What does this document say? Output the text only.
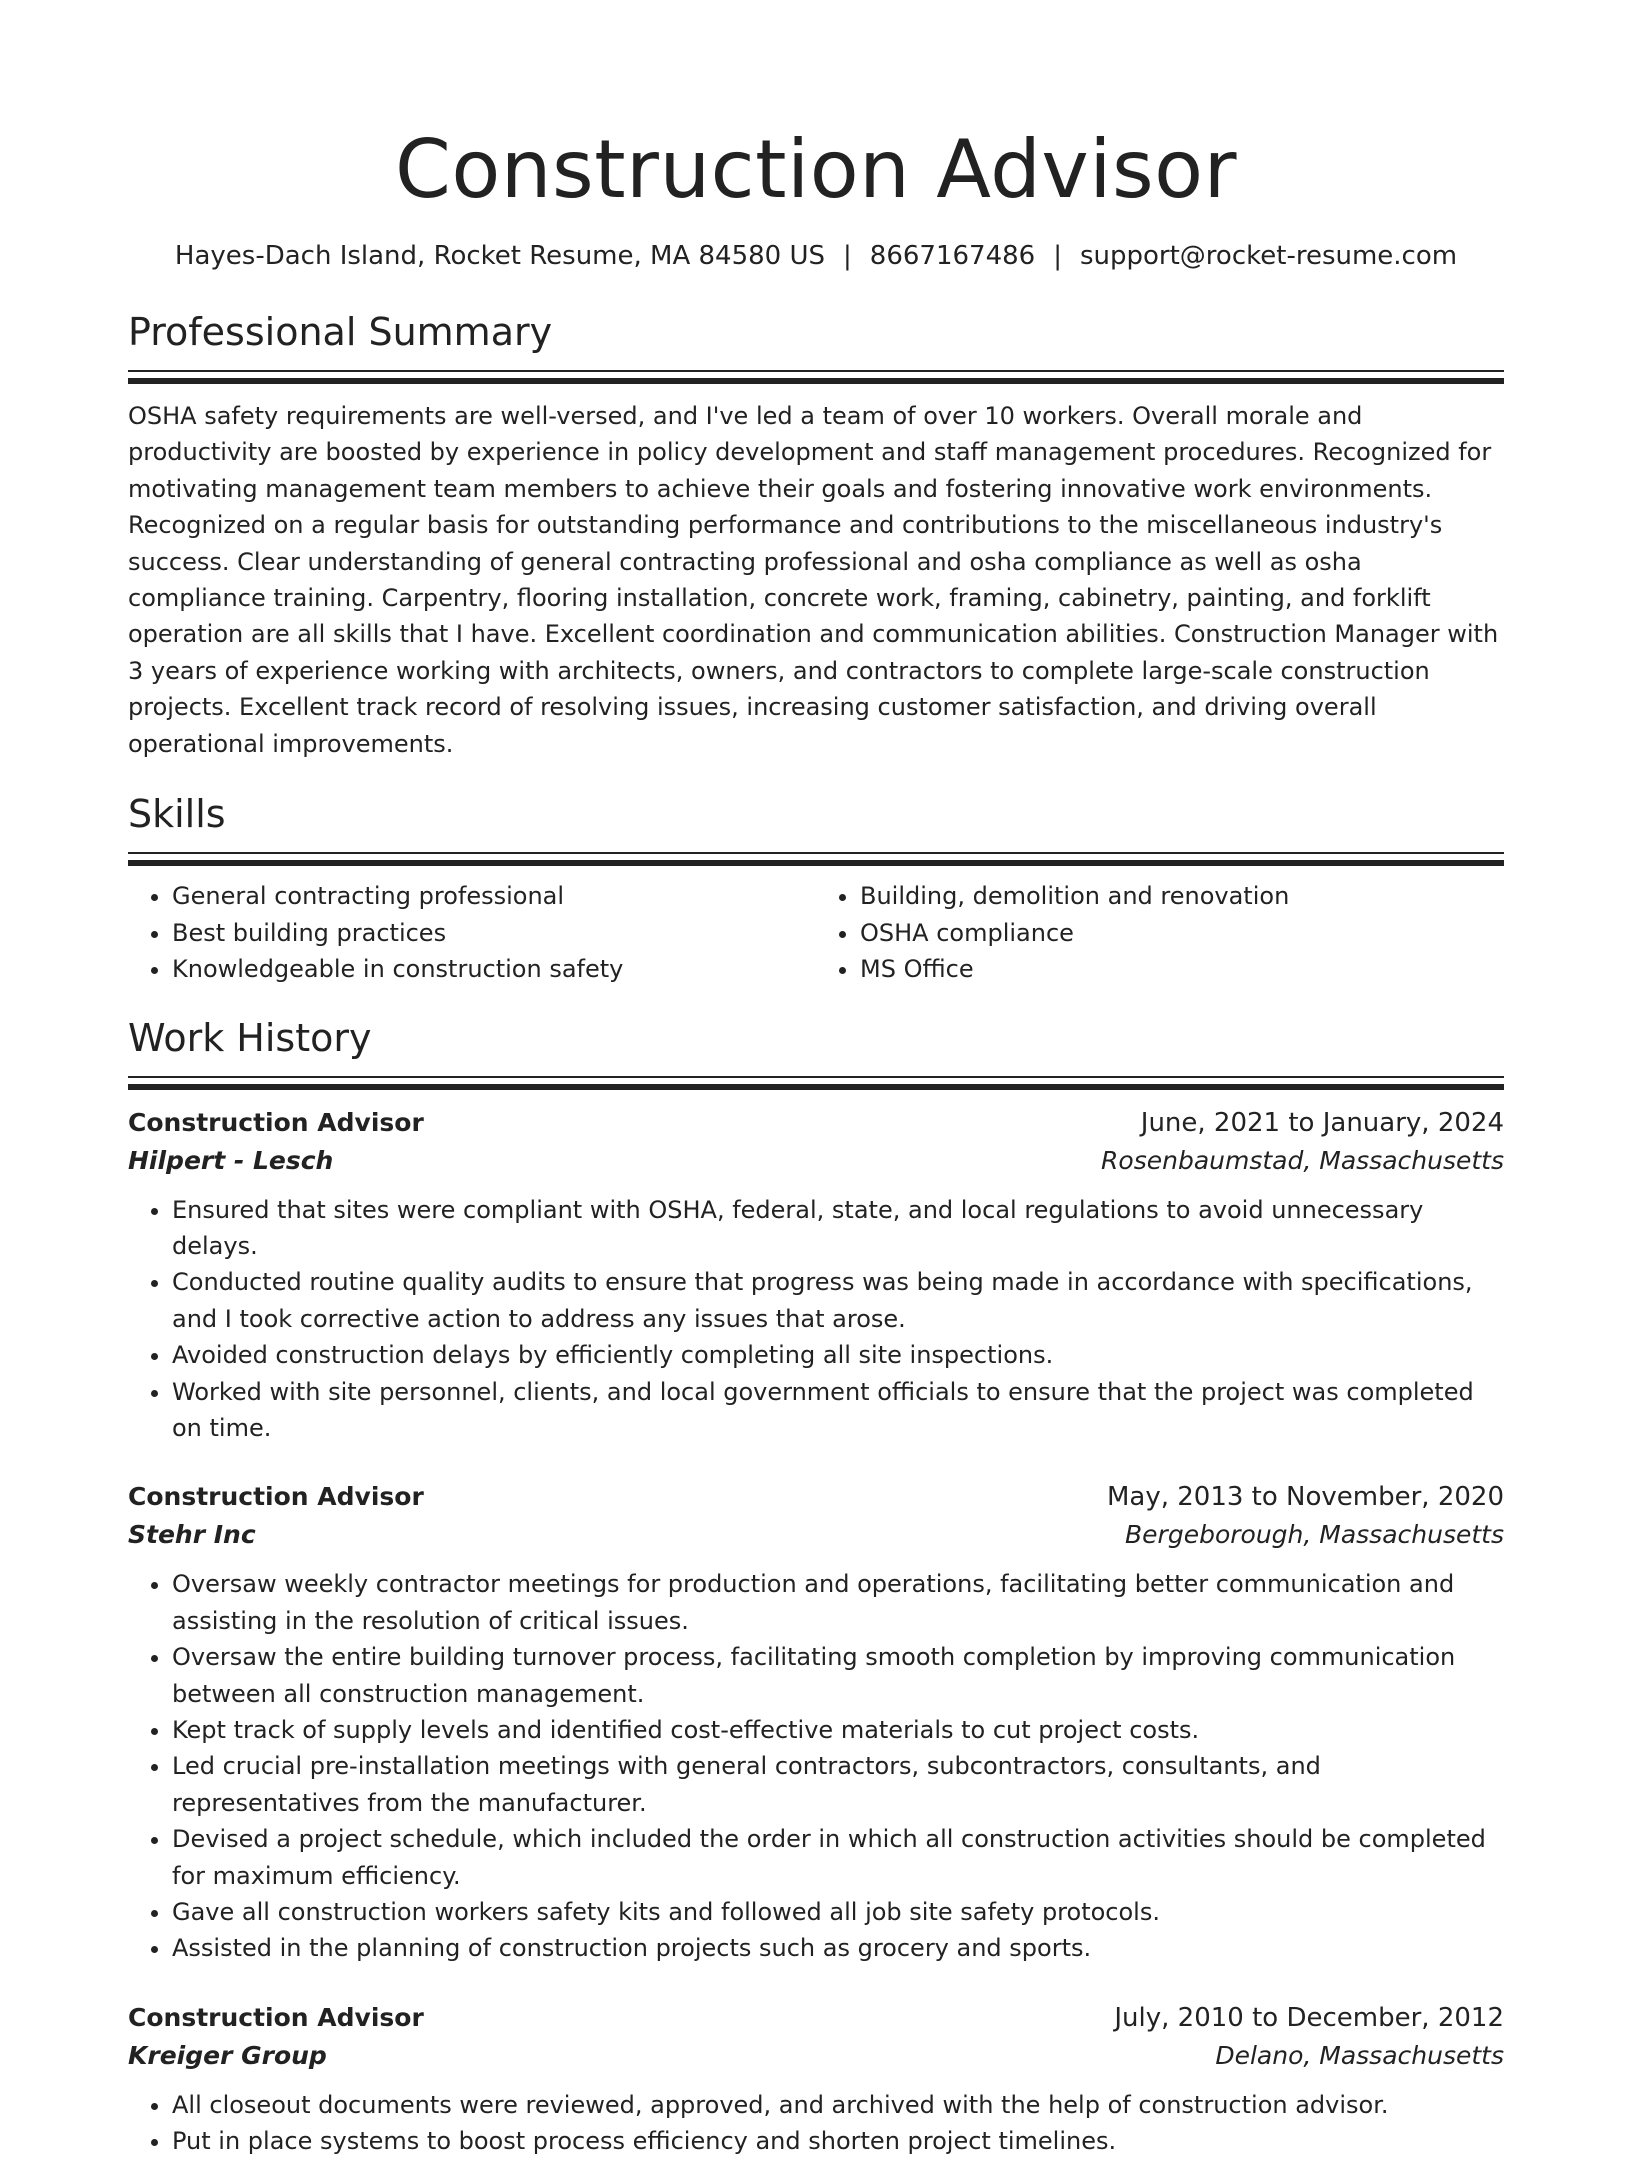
Construction Advisor
Hayes-Dach Island, Rocket Resume, MA 84580 US | 8667167486 | support@rocket-resume.com
Professional Summary
OSHA safety requirements are well-versed, and I've led a team of over 10 workers. Overall morale and productivity are boosted by experience in policy development and staff management procedures. Recognized for motivating management team members to achieve their goals and fostering innovative work environments. Recognized on a regular basis for outstanding performance and contributions to the miscellaneous industry's success. Clear understanding of general contracting professional and osha compliance as well as osha compliance training. Carpentry, flooring installation, concrete work, framing, cabinetry, painting, and forklift operation are all skills that I have. Excellent coordination and communication abilities. Construction Manager with 3 years of experience working with architects, owners, and contractors to complete large-scale construction projects. Excellent track record of resolving issues, increasing customer satisfaction, and driving overall operational improvements.
Skills
• General contracting professional
• Best building practices
• Knowledgeable in construction safety
• Building, demolition and renovation
• OSHA compliance
• MS Office
Work History
Construction Advisor	June, 2021 to January, 2024
Hilpert - Lesch	Rosenbaumstad, Massachusetts
• Ensured that sites were compliant with OSHA, federal, state, and local regulations to avoid unnecessary delays.
• Conducted routine quality audits to ensure that progress was being made in accordance with specifications, and I took corrective action to address any issues that arose.
• Avoided construction delays by efficiently completing all site inspections.
• Worked with site personnel, clients, and local government officials to ensure that the project was completed on time.
Construction Advisor	May, 2013 to November, 2020
Stehr Inc	Bergeborough, Massachusetts
• Oversaw weekly contractor meetings for production and operations, facilitating better communication and assisting in the resolution of critical issues.
• Oversaw the entire building turnover process, facilitating smooth completion by improving communication between all construction management.
• Kept track of supply levels and identified cost-effective materials to cut project costs.
• Led crucial pre-installation meetings with general contractors, subcontractors, consultants, and representatives from the manufacturer.
• Devised a project schedule, which included the order in which all construction activities should be completed for maximum efficiency.
• Gave all construction workers safety kits and followed all job site safety protocols.
• Assisted in the planning of construction projects such as grocery and sports.
Construction Advisor	July, 2010 to December, 2012
Kreiger Group	Delano, Massachusetts
• All closeout documents were reviewed, approved, and archived with the help of construction advisor.
• Put in place systems to boost process efficiency and shorten project timelines.
